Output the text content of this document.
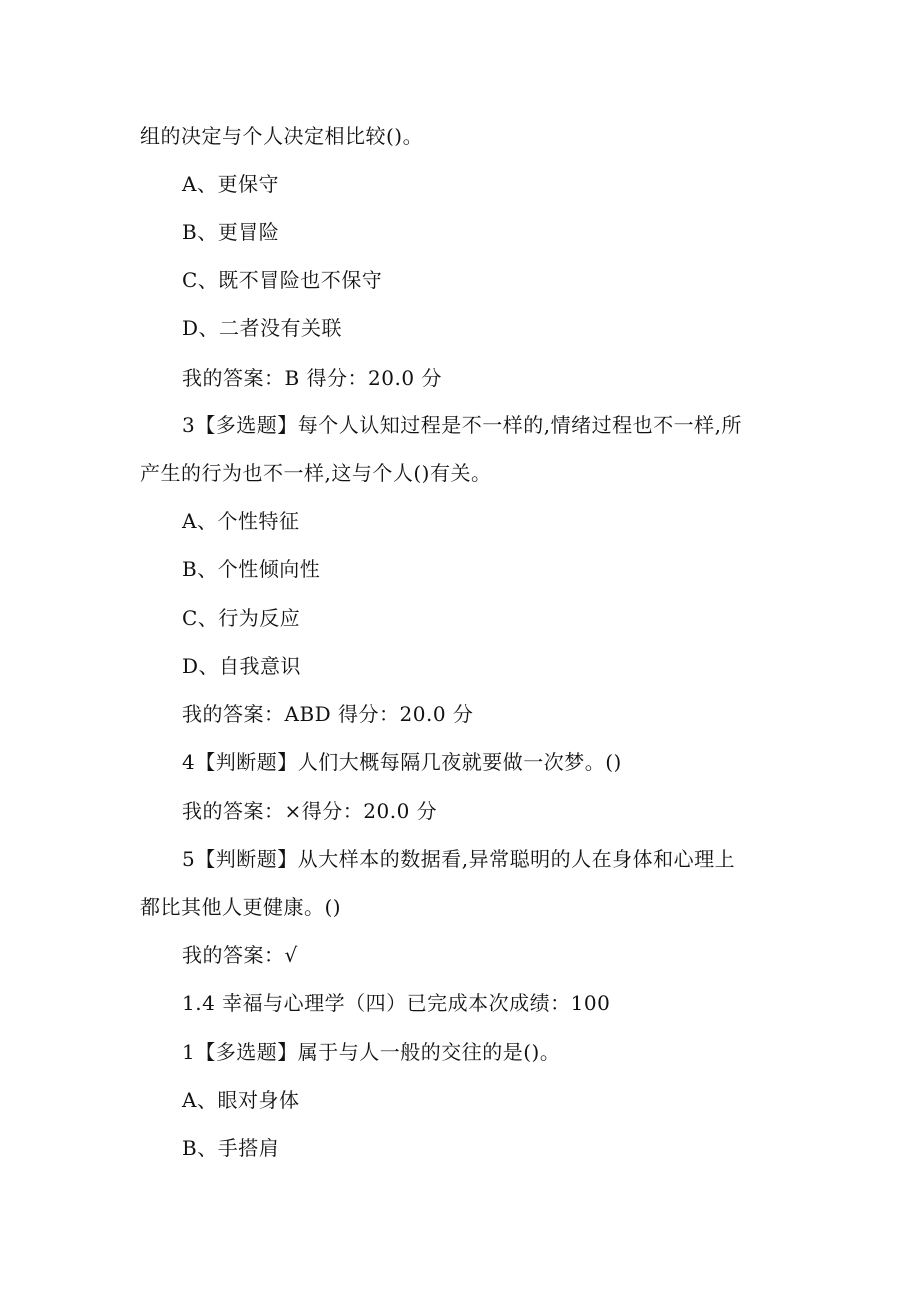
组的决定与个人决定相比较()。
A、更保守
B、更冒险
C、既不冒险也不保守
D、二者没有关联
我的答案：B 得分：20.0 分
3【多选题】每个人认知过程是不一样的,情绪过程也不一样,所
产生的行为也不一样,这与个人()有关。
A、个性特征
B、个性倾向性
C、行为反应
D、自我意识
我的答案：ABD 得分：20.0 分
4【判断题】人们大概每隔几夜就要做一次梦。()
我的答案：×得分：20.0 分
5【判断题】从大样本的数据看,异常聪明的人在身体和心理上
都比其他人更健康。()
我的答案：√
1.4 幸福与心理学（四）已完成本次成绩：100
1【多选题】属于与人一般的交往的是()。
A、眼对身体
B、手搭肩
